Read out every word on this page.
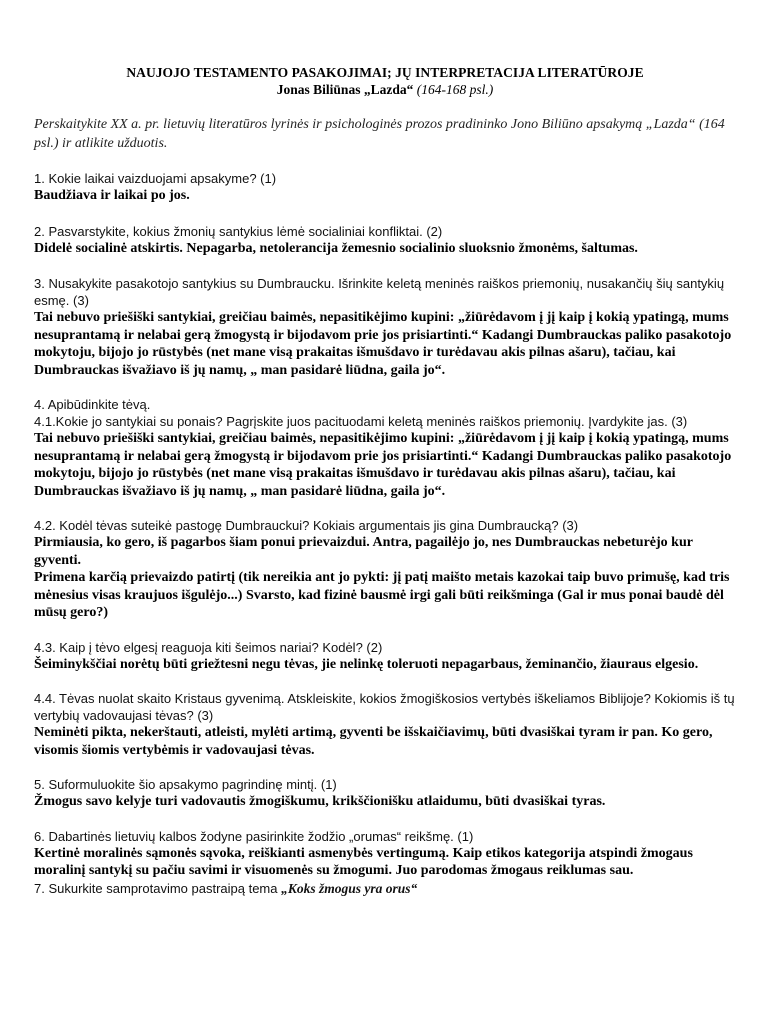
NAUJOJO TESTAMENTO PASAKOJIMAI; JŲ INTERPRETACIJA LITERATŪROJE
Jonas Biliūnas „Lazda“ (164-168 psl.)
Perskaitykite XX a. pr. lietuvių literatūros lyrinės ir psichologinės prozos pradininko Jono Biliūno apsakymą „Lazda“ (164 psl.) ir atlikite užduotis.
1. Kokie laikai vaizduojami apsakyme? (1)
Baudžiava ir laikai po jos.
2. Pasvarstykite, kokius žmonių santykius lėmė socialiniai konfliktai. (2)
Didelė socialinė atskirtis. Nepagarba, netolerancija žemesnio socialinio sluoksnio žmonėms, šaltumas.
3. Nusakykite pasakotojo santykius su Dumbraucku. Išrinkite keletą meninės raiškos priemonių, nusakančių šių santykių esmę. (3)
Tai nebuvo priešiški santykiai, greičiau baimės, nepasitikėjimo kupini: „žiūrėdavom į jį kaip į kokią ypatingą, mums nesuprantamą ir nelabai gerą žmogystą ir bijodavom prie jos prisiartinti.“ Kadangi Dumbrauckas paliko pasakotojo mokytoju, bijojo jo rūstybės (net mane visą prakaitas išmušdavo ir turėdavau akis pilnas ašaru), tačiau, kai Dumbrauckas išvažiavo iš jų namų, „ man pasidarė liūdna, gaila jo“.
4. Apibūdinkite tėvą.
4.1.Kokie jo santykiai su ponais? Pagrįskite juos pacituodami keletą meninės raiškos priemonių. Įvardykite jas. (3)
Tai nebuvo priešiški santykiai, greičiau baimės, nepasitikėjimo kupini: „žiūrėdavom į jį kaip į kokią ypatingą, mums nesuprantamą ir nelabai gerą žmogystą ir bijodavom prie jos prisiartinti.“ Kadangi Dumbrauckas paliko pasakotojo mokytoju, bijojo jo rūstybės (net mane visą prakaitas išmušdavo ir turėdavau akis pilnas ašaru), tačiau, kai Dumbrauckas išvažiavo iš jų namų, „ man pasidarė liūdna, gaila jo“.
4.2. Kodėl tėvas suteikė pastogę Dumbrauckui? Kokiais argumentais jis gina Dumbraucką? (3)
Pirmiausia, ko gero, iš pagarbos šiam ponui prievaizdui. Antra, pagailėjo jo, nes Dumbrauckas nebeturėjo kur gyventi.
Primena karčią prievaizdo patirtį (tik nereikia ant jo pykti: jį patį maišto metais kazokai taip buvo primušę, kad tris mėnesius visas kraujuos išgulėjo...) Svarsto, kad fizinė bausmė irgi gali būti reikšminga (Gal ir mus ponai baudė dėl mūsų gero?)
4.3. Kaip į tėvo elgesį reaguoja kiti šeimos nariai? Kodėl? (2)
Šeiminykščiai norėtų būti griežtesni negu tėvas, jie nelinkę toleruoti nepagarbaus, žeminančio, žiauraus elgesio.
4.4. Tėvas nuolat skaito Kristaus gyvenimą. Atskleiskite, kokios žmogiškosios vertybės iškeliamos Biblijoje? Kokiomis iš tų vertybių vadovaujasi tėvas? (3)
Neminėti pikta, nekerštauti, atleisti, mylėti artimą, gyventi be išskaičiavimų, būti dvasiškai tyram ir pan. Ko gero, visomis šiomis vertybėmis ir vadovaujasi tėvas.
5. Suformuluokite šio apsakymo pagrindinę mintį. (1)
Žmogus savo kelyje turi vadovautis žmogiškumu, krikščionišku atlaidumu, būti dvasiškai tyras.
6. Dabartinės lietuvių kalbos žodyne pasirinkite žodžio „orumas“ reikšmę. (1)
Kertinė moralinės sąmonės sąvoka, reiškianti asmenybės vertingumą. Kaip etikos kategorija atspindi žmogaus moralinį santykį su pačiu savimi ir visuomenės su žmogumi. Juo parodomas žmogaus reiklumas sau.
7. Sukurkite samprotavimo pastraipą tema „Koks žmogus yra orus“
